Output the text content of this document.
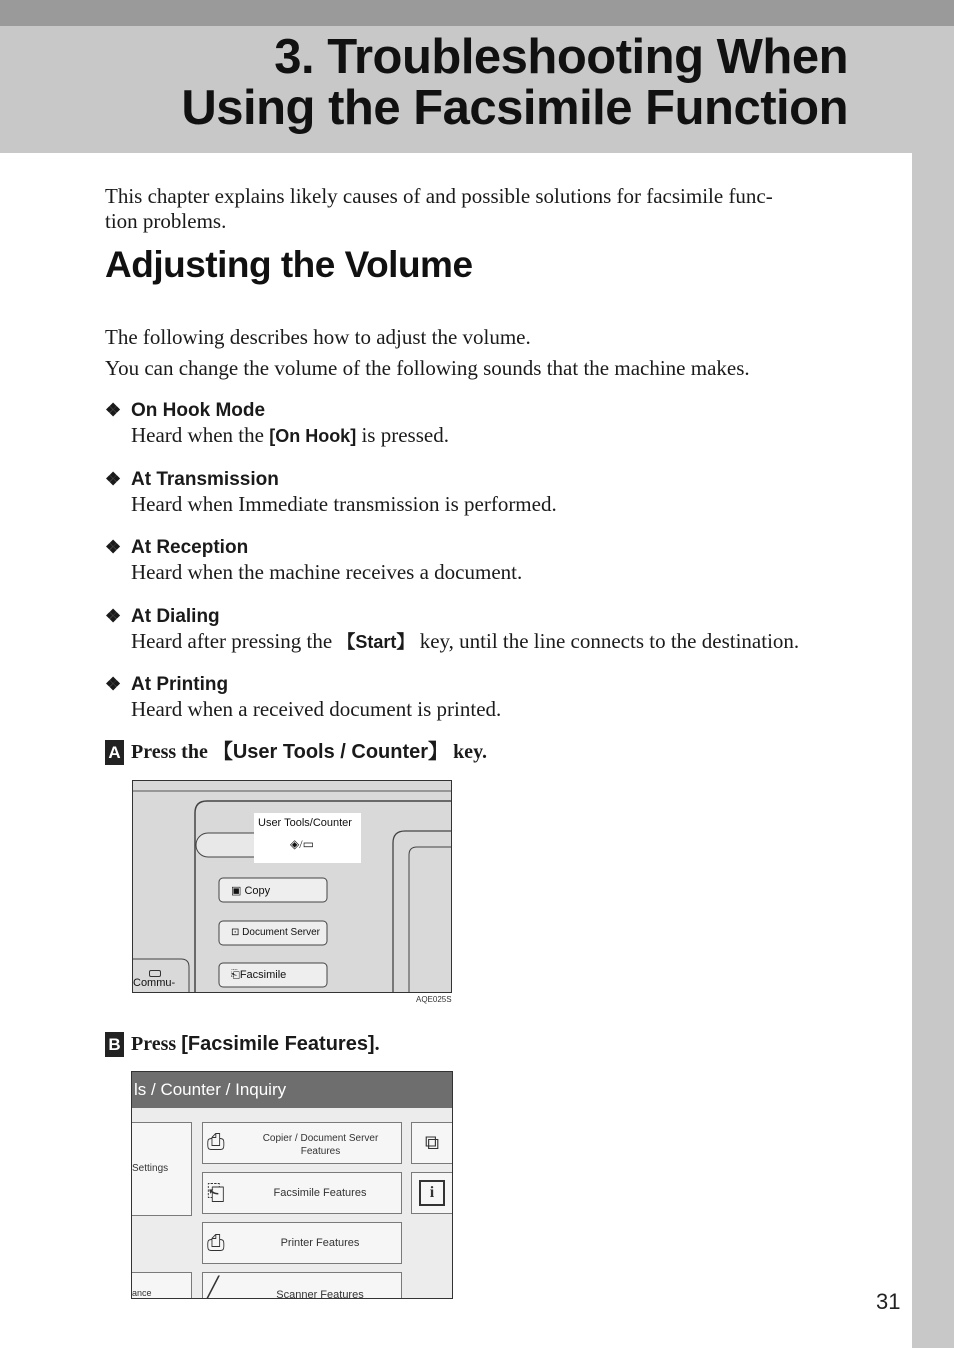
3. Troubleshooting When
Using the Facsimile Function
This chapter explains likely causes of and possible solutions for facsimile func-
tion problems.
Adjusting the Volume
The following describes how to adjust the volume.
You can change the volume of the following sounds that the machine makes.
❖ On Hook Mode
Heard when the [On Hook] is pressed.
❖ At Transmission
Heard when Immediate transmission is performed.
❖ At Reception
Heard when the machine receives a document.
❖ At Dialing
Heard after pressing the 【Start】 key, until the line connects to the destination.
❖ At Printing
Heard when a received document is printed.
A Press the 【User Tools / Counter】 key.
User Tools/Counter
◈/▭
▣ Copy
⊡ Document Server
⎗Facsimile
Commu-
AQE025S
B Press [Facsimile Features].
ls / Counter / Inquiry
Settings
ance
⎙	Copier / Document Server Features
⎗	Facsimile Features
⎙	Printer Features
╱	Scanner Features
⧉
i
31
